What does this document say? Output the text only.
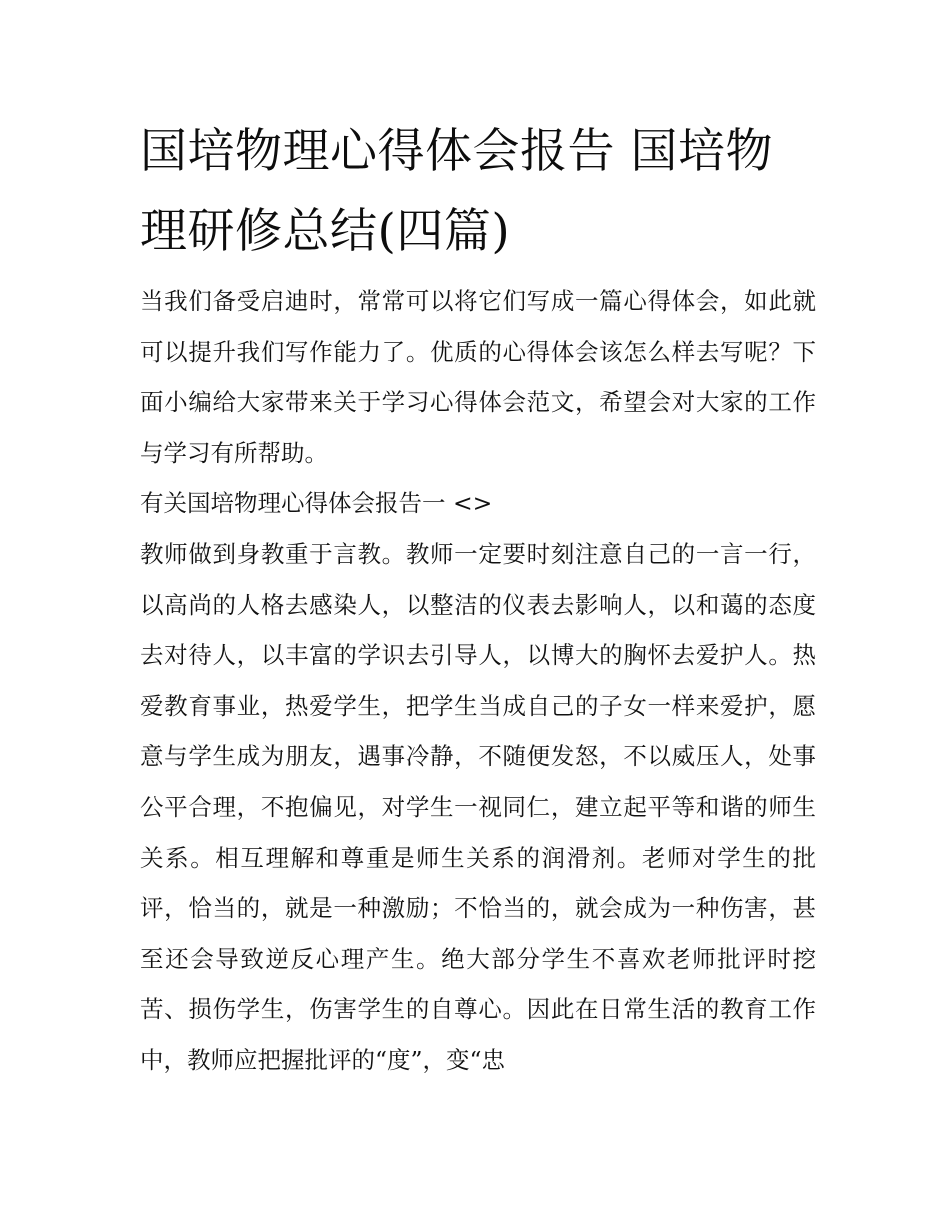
国培物理心得体会报告 国培物理研修总结(四篇)

当我们备受启迪时，常常可以将它们写成一篇心得体会，如此就可以提升我们写作能力了。优质的心得体会该怎么样去写呢？下面小编给大家带来关于学习心得体会范文，希望会对大家的工作与学习有所帮助。

有关国培物理心得体会报告一 <>

教师做到身教重于言教。教师一定要时刻注意自己的一言一行，以高尚的人格去感染人，以整洁的仪表去影响人，以和蔼的态度去对待人，以丰富的学识去引导人，以博大的胸怀去爱护人。热爱教育事业，热爱学生，把学生当成自己的子女一样来爱护，愿意与学生成为朋友，遇事冷静，不随便发怒，不以威压人，处事公平合理，不抱偏见，对学生一视同仁，建立起平等和谐的师生关系。相互理解和尊重是师生关系的润滑剂。老师对学生的批评，恰当的，就是一种激励；不恰当的，就会成为一种伤害，甚至还会导致逆反心理产生。绝大部分学生不喜欢老师批评时挖苦、损伤学生，伤害学生的自尊心。因此在日常生活的教育工作中，教师应把握批评的“度”，变“忠
